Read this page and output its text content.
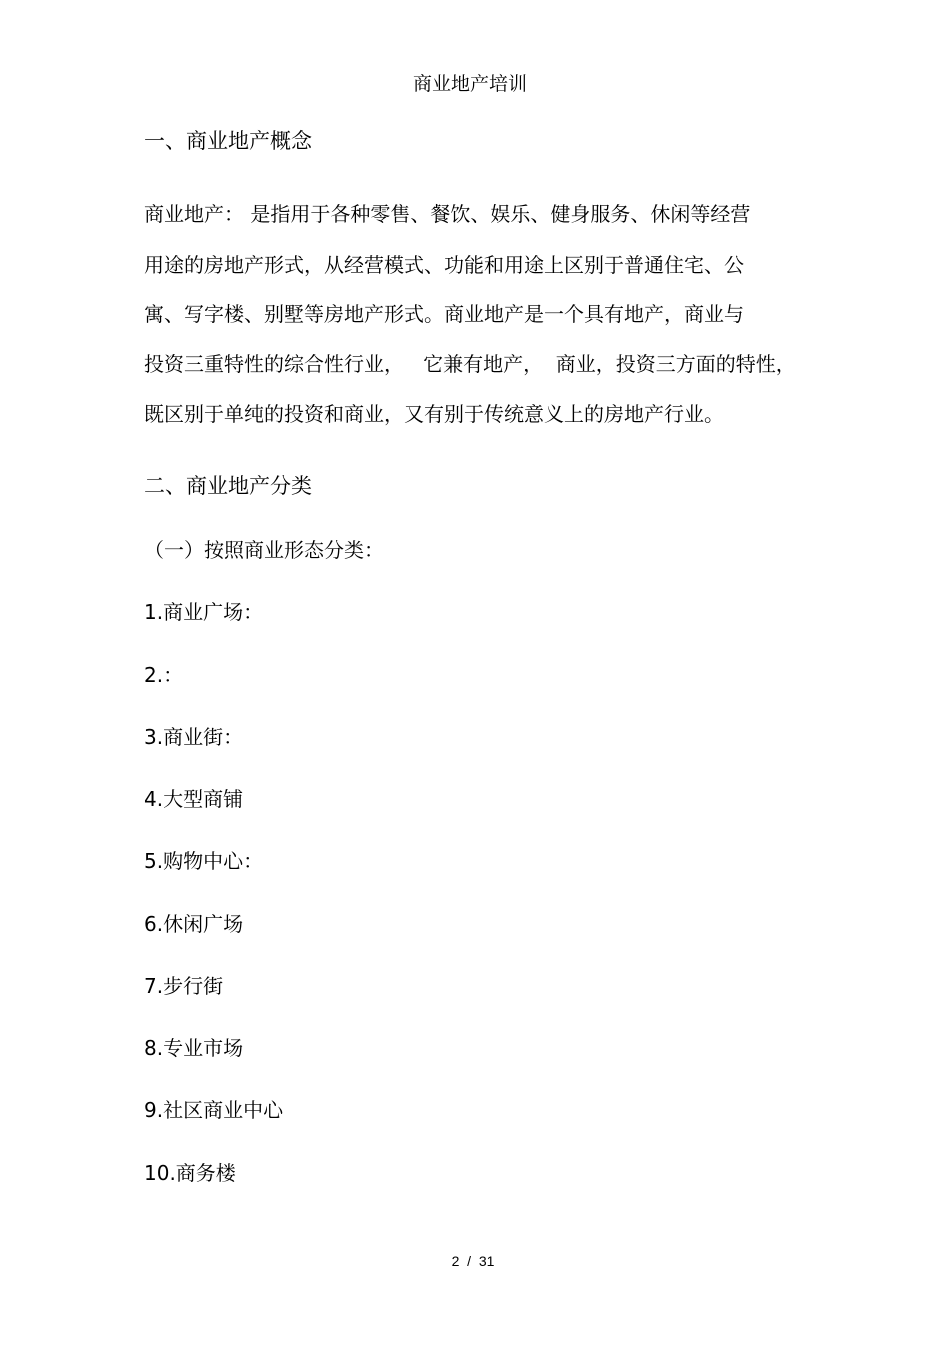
商业地产培训
一、商业地产概念
商业地产： 是指用于各种零售、餐饮、娱乐、健身服务、休闲等经营
用途的房地产形式，从经营模式、功能和用途上区别于普通住宅、公
寓、写字楼、别墅等房地产形式。商业地产是一个具有地产，商业与
投资三重特性的综合性行业，   它兼有地产，  商业，投资三方面的特性，
既区别于单纯的投资和商业，又有别于传统意义上的房地产行业。
二、商业地产分类
（一）按照商业形态分类：
1.商业广场：
2.：
3.商业街：
4.大型商铺
5.购物中心：
6.休闲广场
7.步行街
8.专业市场
9.社区商业中心
10.商务楼
2  /  31
